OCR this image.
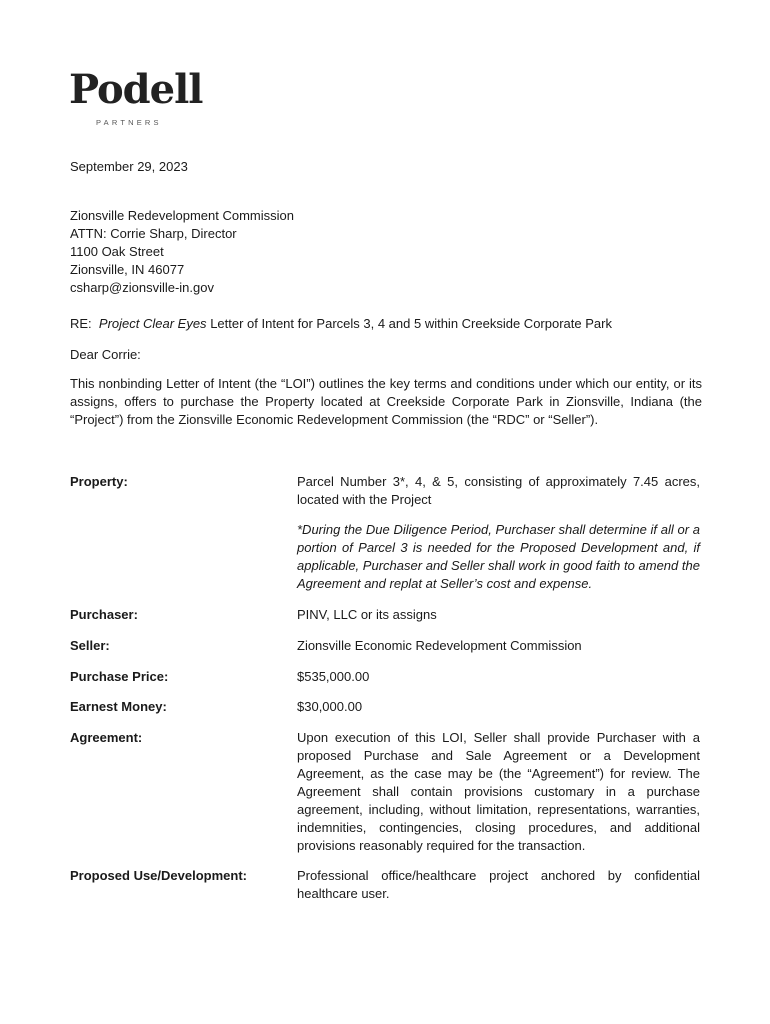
Podell
PARTNERS
September 29, 2023
Zionsville Redevelopment Commission
ATTN: Corrie Sharp, Director
1100 Oak Street
Zionsville, IN 46077
csharp@zionsville-in.gov
RE: Project Clear Eyes Letter of Intent for Parcels 3, 4 and 5 within Creekside Corporate Park
Dear Corrie:
This nonbinding Letter of Intent (the “LOI”) outlines the key terms and conditions under which our entity, or its assigns, offers to purchase the Property located at Creekside Corporate Park in Zionsville, Indiana (the “Project”) from the Zionsville Economic Redevelopment Commission (the “RDC” or “Seller”).
Property:	Parcel Number 3*, 4, & 5, consisting of approximately 7.45 acres, located with the Project
*During the Due Diligence Period, Purchaser shall determine if all or a portion of Parcel 3 is needed for the Proposed Development and, if applicable, Purchaser and Seller shall work in good faith to amend the Agreement and replat at Seller’s cost and expense.
Purchaser:	PINV, LLC or its assigns
Seller:	Zionsville Economic Redevelopment Commission
Purchase Price:	$535,000.00
Earnest Money:	$30,000.00
Agreement:	Upon execution of this LOI, Seller shall provide Purchaser with a proposed Purchase and Sale Agreement or a Development Agreement, as the case may be (the “Agreement”) for review. The Agreement shall contain provisions customary in a purchase agreement, including, without limitation, representations, warranties, indemnities, contingencies, closing procedures, and additional provisions reasonably required for the transaction.
Proposed Use/Development:	Professional office/healthcare project anchored by confidential healthcare user.
